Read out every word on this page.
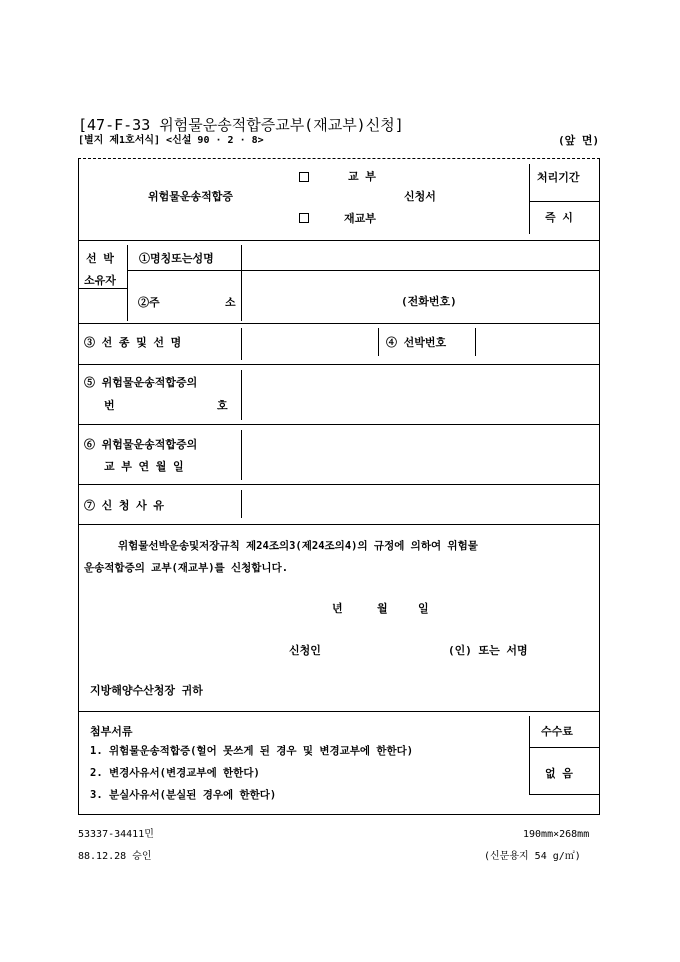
[47-F-33 위험물운송적합증교부(재교부)신청]
[별지 제1호서식] <신설 90 · 2 · 8>	(앞 면)
위험물운송적합증
교 부
신청서
재교부
처리기간
즉 시
선 박
소유자
①명칭또는성명
②주	소	(전화번호)
③ 선 종 및 선 명	④ 선박번호
⑤ 위험물운송적합증의
번	호
⑥ 위험물운송적합증의
교 부 연 월 일
⑦ 신 청 사 유
위험물선박운송및저장규칙 제24조의3(제24조의4)의 규정에 의하여 위험물
운송적합증의 교부(재교부)를 신청합니다.
년	월	일
신청인	(인) 또는 서명
지방해양수산청장 귀하
첨부서류
1. 위험물운송적합증(헐어 못쓰게 된 경우 및 변경교부에 한한다)
2. 변경사유서(변경교부에 한한다)
3. 분실사유서(분실된 경우에 한한다)
수수료
없 음
53337-34411민	190mm×268mm
88.12.28 승인	(신문용지 54 g/㎡)
